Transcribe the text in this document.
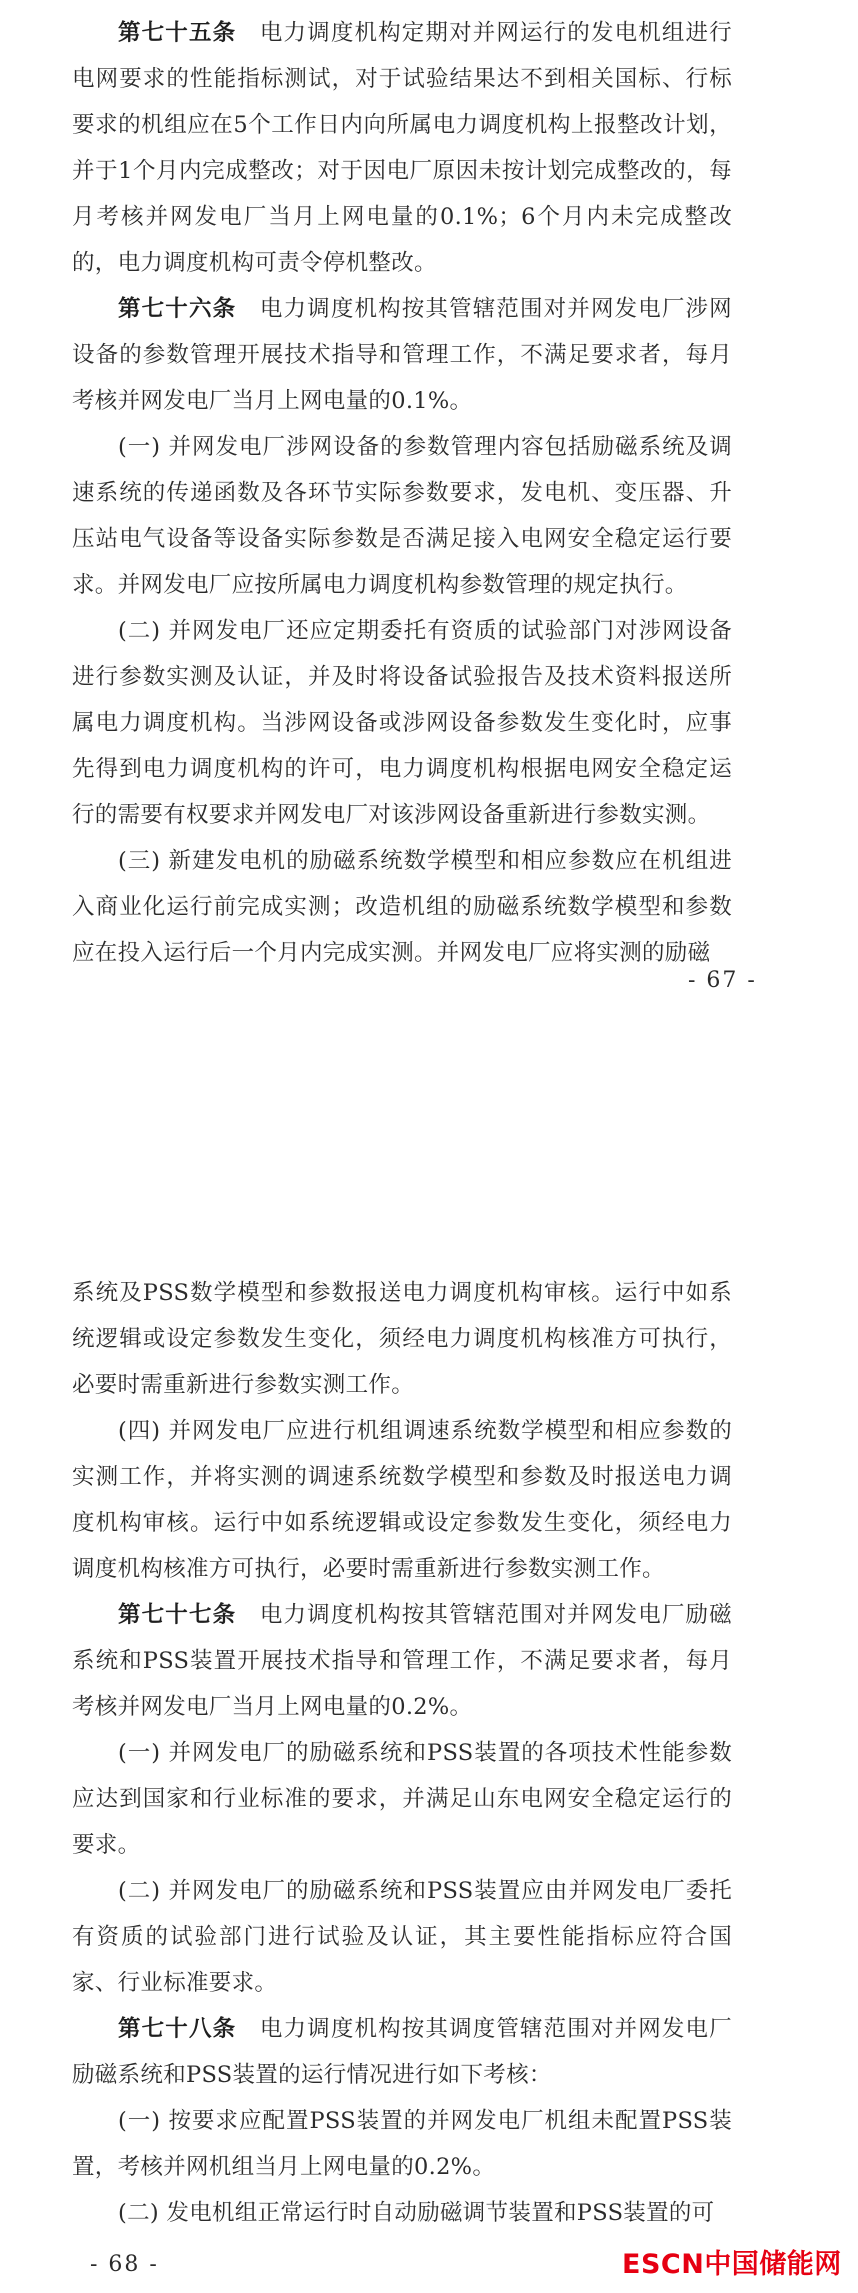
第七十五条  电力调度机构定期对并网运行的发电机组进行电网要求的性能指标测试，对于试验结果达不到相关国标、行标要求的机组应在5个工作日内向所属电力调度机构上报整改计划，并于1个月内完成整改；对于因电厂原因未按计划完成整改的，每月考核并网发电厂当月上网电量的0.1%；6个月内未完成整改的，电力调度机构可责令停机整改。

第七十六条  电力调度机构按其管辖范围对并网发电厂涉网设备的参数管理开展技术指导和管理工作，不满足要求者，每月考核并网发电厂当月上网电量的0.1%。

(一) 并网发电厂涉网设备的参数管理内容包括励磁系统及调速系统的传递函数及各环节实际参数要求，发电机、变压器、升压站电气设备等设备实际参数是否满足接入电网安全稳定运行要求。并网发电厂应按所属电力调度机构参数管理的规定执行。

(二) 并网发电厂还应定期委托有资质的试验部门对涉网设备进行参数实测及认证，并及时将设备试验报告及技术资料报送所属电力调度机构。当涉网设备或涉网设备参数发生变化时，应事先得到电力调度机构的许可，电力调度机构根据电网安全稳定运行的需要有权要求并网发电厂对该涉网设备重新进行参数实测。

(三) 新建发电机的励磁系统数学模型和相应参数应在机组进入商业化运行前完成实测；改造机组的励磁系统数学模型和参数应在投入运行后一个月内完成实测。并网发电厂应将实测的励磁

- 67 -

系统及PSS数学模型和参数报送电力调度机构审核。运行中如系统逻辑或设定参数发生变化，须经电力调度机构核准方可执行，必要时需重新进行参数实测工作。

(四) 并网发电厂应进行机组调速系统数学模型和相应参数的实测工作，并将实测的调速系统数学模型和参数及时报送电力调度机构审核。运行中如系统逻辑或设定参数发生变化，须经电力调度机构核准方可执行，必要时需重新进行参数实测工作。

第七十七条  电力调度机构按其管辖范围对并网发电厂励磁系统和PSS装置开展技术指导和管理工作，不满足要求者，每月考核并网发电厂当月上网电量的0.2%。

(一) 并网发电厂的励磁系统和PSS装置的各项技术性能参数应达到国家和行业标准的要求，并满足山东电网安全稳定运行的要求。

(二) 并网发电厂的励磁系统和PSS装置应由并网发电厂委托有资质的试验部门进行试验及认证，其主要性能指标应符合国家、行业标准要求。

第七十八条  电力调度机构按其调度管辖范围对并网发电厂励磁系统和PSS装置的运行情况进行如下考核：

(一) 按要求应配置PSS装置的并网发电厂机组未配置PSS装置，考核并网机组当月上网电量的0.2%。

(二) 发电机组正常运行时自动励磁调节装置和PSS装置的可

- 68 -	ESCN中国储能网
